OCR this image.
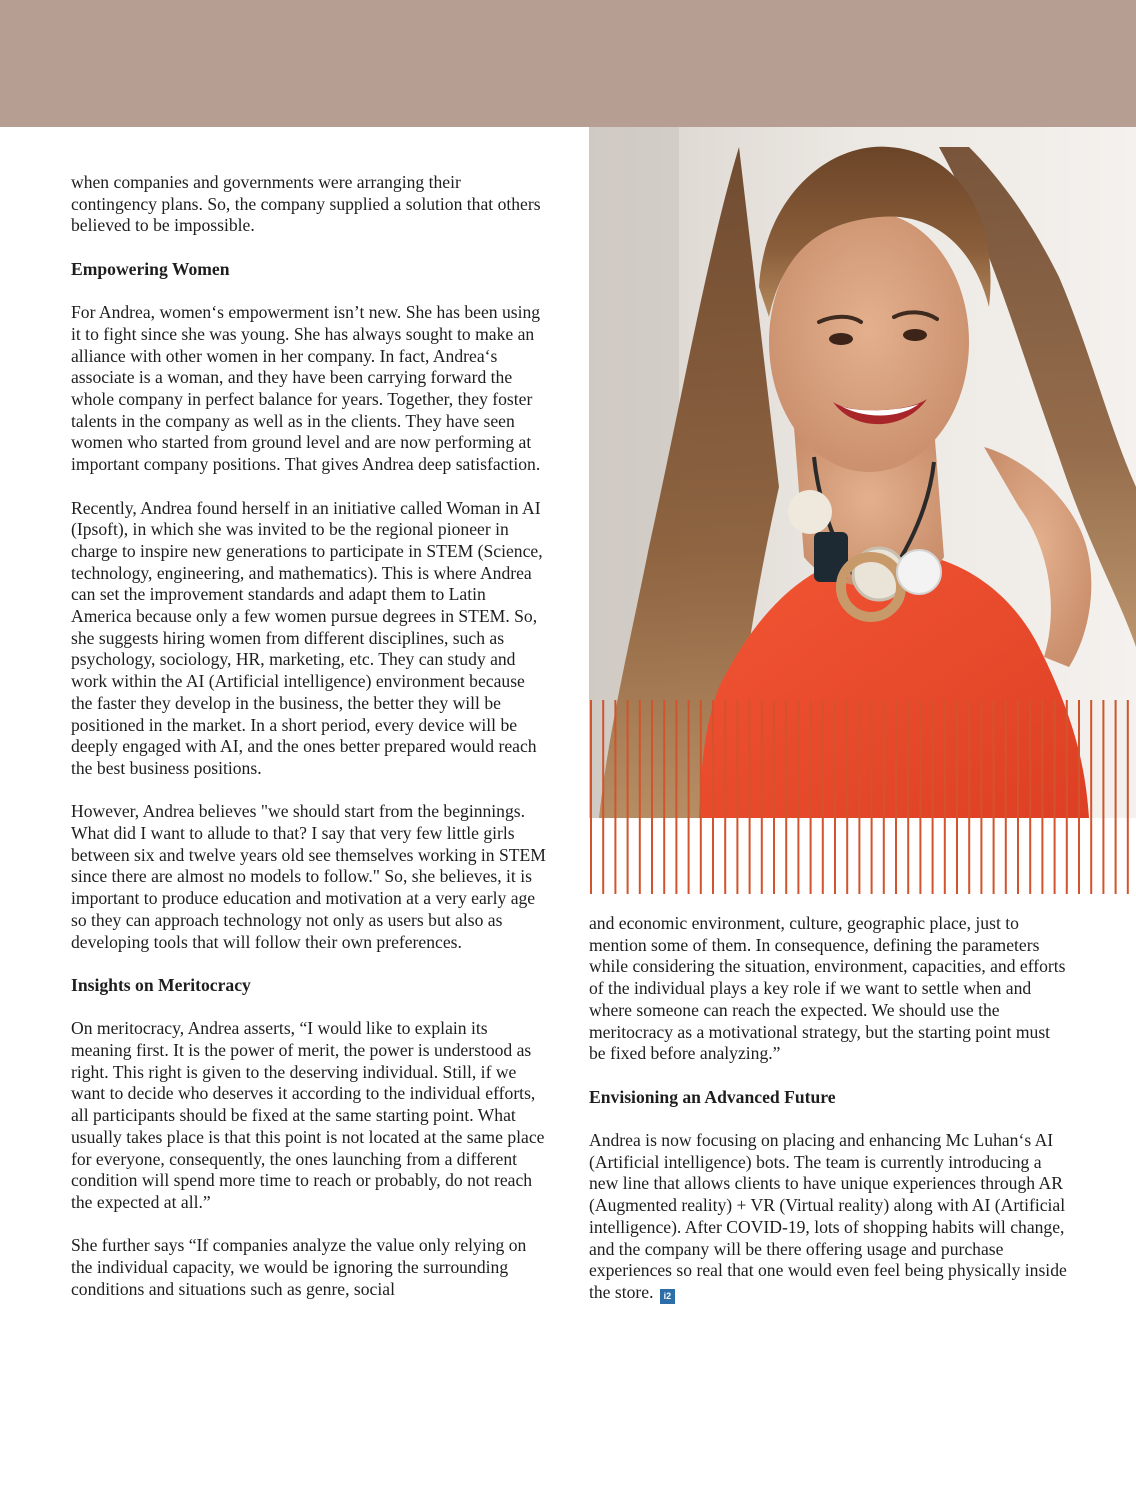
when companies and governments were arranging their contingency plans. So, the company supplied a solution that others believed to be impossible.

Empowering Women

For Andrea, women‘s empowerment isn’t new. She has been using it to fight since she was young. She has always sought to make an alliance with other women in her company. In fact, Andrea‘s associate is a woman, and they have been carrying forward the whole company in perfect balance for years. Together, they foster talents in the company as well as in the clients. They have seen women who started from ground level and are now performing at important company positions. That gives Andrea deep satisfaction.

Recently, Andrea found herself in an initiative called Woman in AI (Ipsoft), in which she was invited to be the regional pioneer in charge to inspire new generations to participate in STEM (Science, technology, engineering, and mathematics). This is where Andrea can set the improvement standards and adapt them to Latin America because only a few women pursue degrees in STEM. So, she suggests hiring women from different disciplines, such as psychology, sociology, HR, marketing, etc. They can study and work within the AI (Artificial intelligence) environment because the faster they develop in the business, the better they will be positioned in the market. In a short period, every device will be deeply engaged with AI, and the ones better prepared would reach the best business positions.

However, Andrea believes "we should start from the beginnings. What did I want to allude to that? I say that very few little girls between six and twelve years old see themselves working in STEM since there are almost no models to follow." So, she believes, it is important to produce education and motivation at a very early age so they can approach technology not only as users but also as developing tools that will follow their own preferences.

Insights on Meritocracy

On meritocracy, Andrea asserts, “I would like to explain its meaning first. It is the power of merit, the power is understood as right. This right is given to the deserving individual. Still, if we want to decide who deserves it according to the individual efforts, all participants should be fixed at the same starting point. What usually takes place is that this point is not located at the same place for everyone, consequently, the ones launching from a different condition will spend more time to reach or probably, do not reach the expected at all.”

She further says “If companies analyze the value only relying on the individual capacity, we would be ignoring the surrounding conditions and situations such as genre, social

and economic environment, culture, geographic place, just to mention some of them. In consequence, defining the parameters while considering the situation, environment, capacities, and efforts of the individual plays a key role if we want to settle when and where someone can reach the expected. We should use the meritocracy as a motivational strategy, but the starting point must be fixed before analyzing.”

Envisioning an Advanced Future

Andrea is now focusing on placing and enhancing Mc Luhan‘s AI (Artificial intelligence) bots. The team is currently introducing a new line that allows clients to have unique experiences through AR (Augmented reality) + VR (Virtual reality) along with AI (Artificial intelligence). After COVID-19, lots of shopping habits will change, and the company will be there offering usage and purchase experiences so real that one would even feel being physically inside the store. i2
